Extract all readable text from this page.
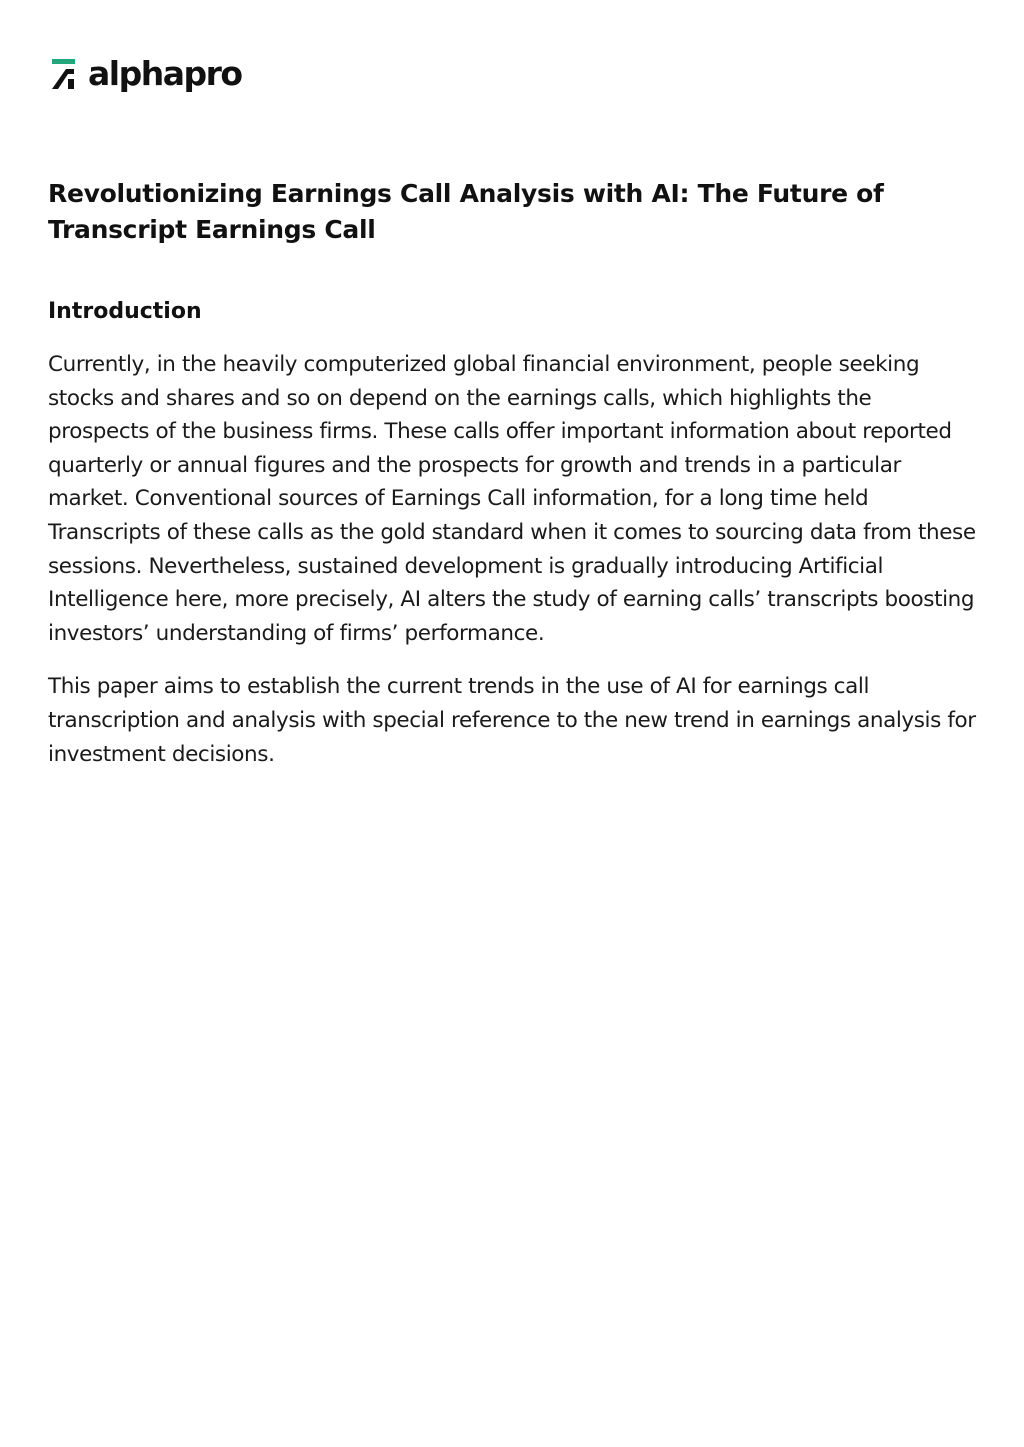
alphapro
Revolutionizing Earnings Call Analysis with AI: The Future of Transcript Earnings Call
Introduction

Currently, in the heavily computerized global financial environment, people seeking stocks and shares and so on depend on the earnings calls, which highlights the prospects of the business firms. These calls offer important information about reported quarterly or annual figures and the prospects for growth and trends in a particular market. Conventional sources of Earnings Call information, for a long time held Transcripts of these calls as the gold standard when it comes to sourcing data from these sessions. Nevertheless, sustained development is gradually introducing Artificial Intelligence here, more precisely, AI alters the study of earning calls’ transcripts boosting investors’ understanding of firms’ performance.

This paper aims to establish the current trends in the use of AI for earnings call transcription and analysis with special reference to the new trend in earnings analysis for investment decisions.
